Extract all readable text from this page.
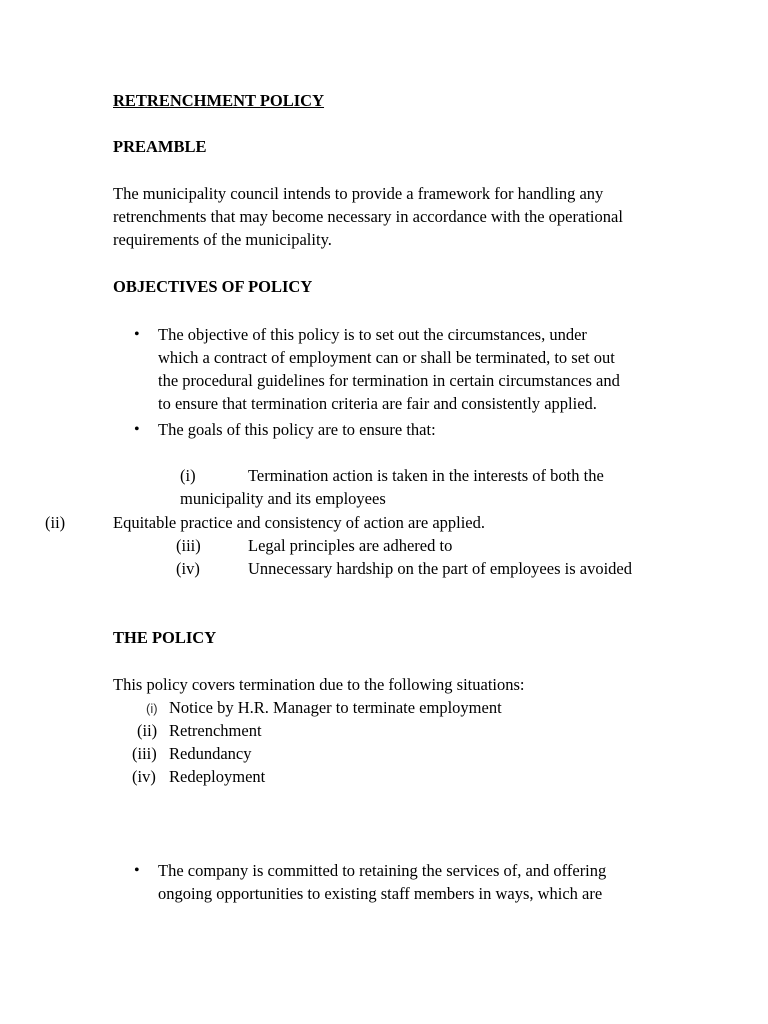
RETRENCHMENT POLICY
PREAMBLE
The municipality council intends to provide a framework for handling any
retrenchments that may become necessary in accordance with the operational
requirements of the municipality.
OBJECTIVES OF POLICY
• The objective of this policy is to set out the circumstances, under
which a contract of employment can or shall be terminated, to set out
the procedural guidelines for termination in certain circumstances and
to ensure that termination criteria are fair and consistently applied.
• The goals of this policy are to ensure that:
(i)	Termination action is taken in the interests of both the
municipality and its employees
(ii)	Equitable practice and consistency of action are applied.
(iii)	Legal principles are adhered to
(iv)	Unnecessary hardship on the part of employees is avoided
THE POLICY
This policy covers termination due to the following situations:
(i) Notice by H.R. Manager to terminate employment
(ii) Retrenchment
(iii) Redundancy
(iv) Redeployment
• The company is committed to retaining the services of, and offering
ongoing opportunities to existing staff members in ways, which are
